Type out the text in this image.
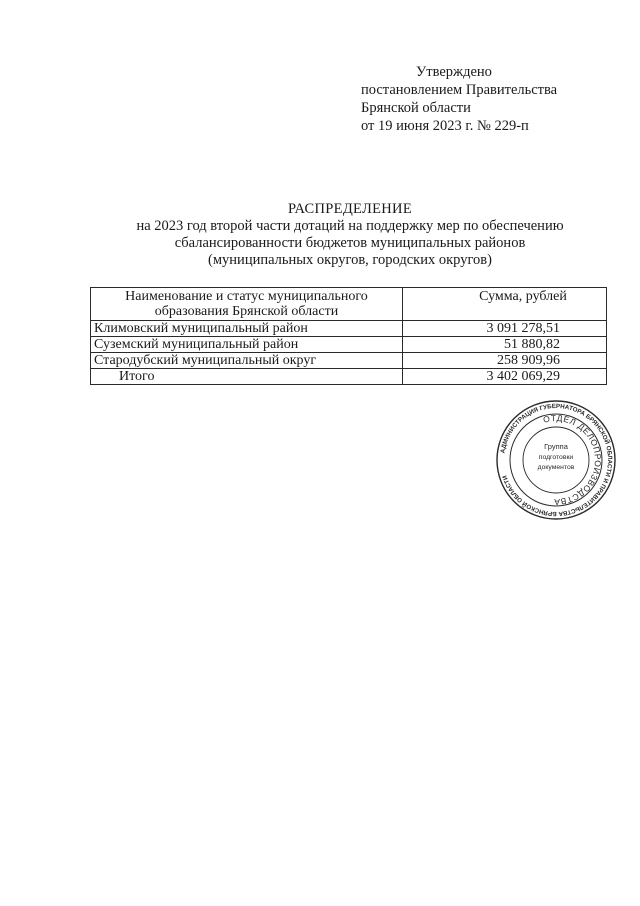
Утверждено
постановлением Правительства
Брянской области
от 19 июня 2023 г. № 229-п
РАСПРЕДЕЛЕНИЕ
на 2023 год второй части дотаций на поддержку мер по обеспечению
сбалансированности бюджетов муниципальных районов
(муниципальных округов, городских округов)
Наименование и статус муниципального
образования Брянской области	Сумма, рублей
Климовский муниципальный район	3 091 278,51
Суземский муниципальный район	51 880,82
Стародубский муниципальный округ	258 909,96
Итого	3 402 069,29
АДМИНИСТРАЦИЯ ГУБЕРНАТОРА БРЯНСКОЙ ОБЛАСТИ И ПРАВИТЕЛЬСТВА БРЯНСКОЙ ОБЛАСТИ
ОТДЕЛ ДЕЛОПРОИЗВОДСТВА
Группа
подготовки
документов
